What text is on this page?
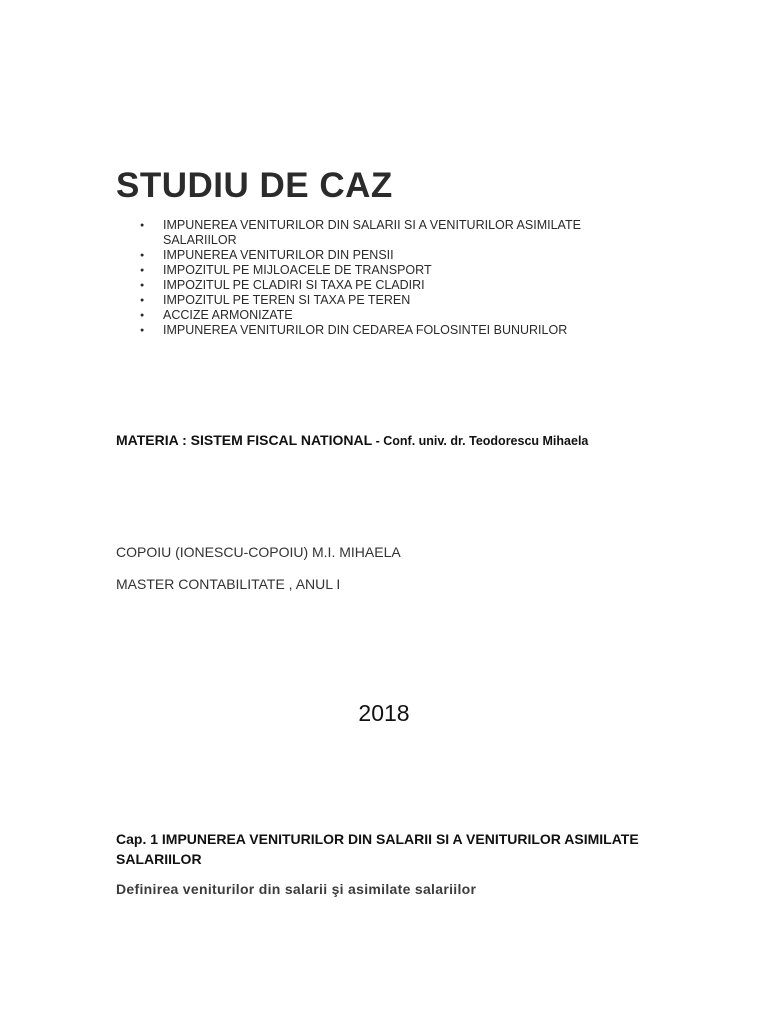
STUDIU DE CAZ
● IMPUNEREA VENITURILOR DIN SALARII SI A VENITURILOR ASIMILATE SALARIILOR
● IMPUNEREA VENITURILOR DIN PENSII
● IMPOZITUL PE MIJLOACELE DE TRANSPORT
● IMPOZITUL PE CLADIRI SI TAXA PE CLADIRI
● IMPOZITUL PE TEREN SI TAXA PE TEREN
● ACCIZE ARMONIZATE
● IMPUNEREA VENITURILOR DIN CEDAREA FOLOSINTEI BUNURILOR
MATERIA : SISTEM FISCAL NATIONAL - Conf. univ. dr. Teodorescu Mihaela

COPOIU (IONESCU-COPOIU) M.I. MIHAELA

MASTER CONTABILITATE , ANUL I

2018

Cap. 1 IMPUNEREA VENITURILOR DIN SALARII SI A VENITURILOR ASIMILATE SALARIILOR
Definirea veniturilor din salarii şi asimilate salariilor
